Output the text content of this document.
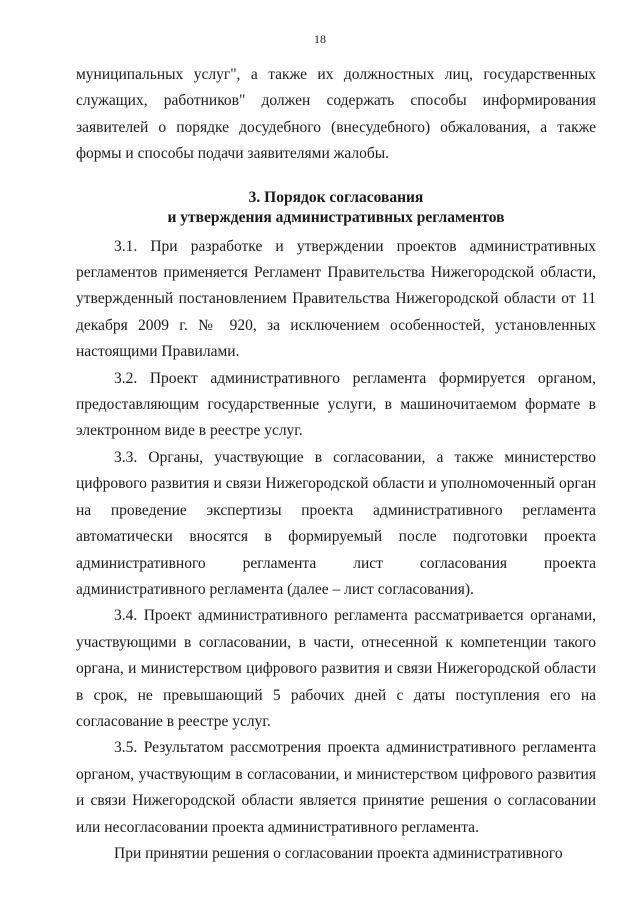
18

муниципальных услуг", а также их должностных лиц, государственных служащих, работников" должен содержать способы информирования заявителей о порядке досудебного (внесудебного) обжалования, а также формы и способы подачи заявителями жалобы.

3. Порядок согласования
и утверждения административных регламентов

3.1. При разработке и утверждении проектов административных регламентов применяется Регламент Правительства Нижегородской области, утвержденный постановлением Правительства Нижегородской области от 11 декабря 2009 г. № 920, за исключением особенностей, установленных настоящими Правилами.

3.2. Проект административного регламента формируется органом, предоставляющим государственные услуги, в машиночитаемом формате в электронном виде в реестре услуг.

3.3. Органы, участвующие в согласовании, а также министерство цифрового развития и связи Нижегородской области и уполномоченный орган на проведение экспертизы проекта административного регламента автоматически вносятся в формируемый после подготовки проекта административного регламента лист согласования проекта административного регламента (далее – лист согласования).

3.4. Проект административного регламента рассматривается органами, участвующими в согласовании, в части, отнесенной к компетенции такого органа, и министерством цифрового развития и связи Нижегородской области в срок, не превышающий 5 рабочих дней с даты поступления его на согласование в реестре услуг.

3.5. Результатом рассмотрения проекта административного регламента органом, участвующим в согласовании, и министерством цифрового развития и связи Нижегородской области является принятие решения о согласовании или несогласовании проекта административного регламента.

При принятии решения о согласовании проекта административного
